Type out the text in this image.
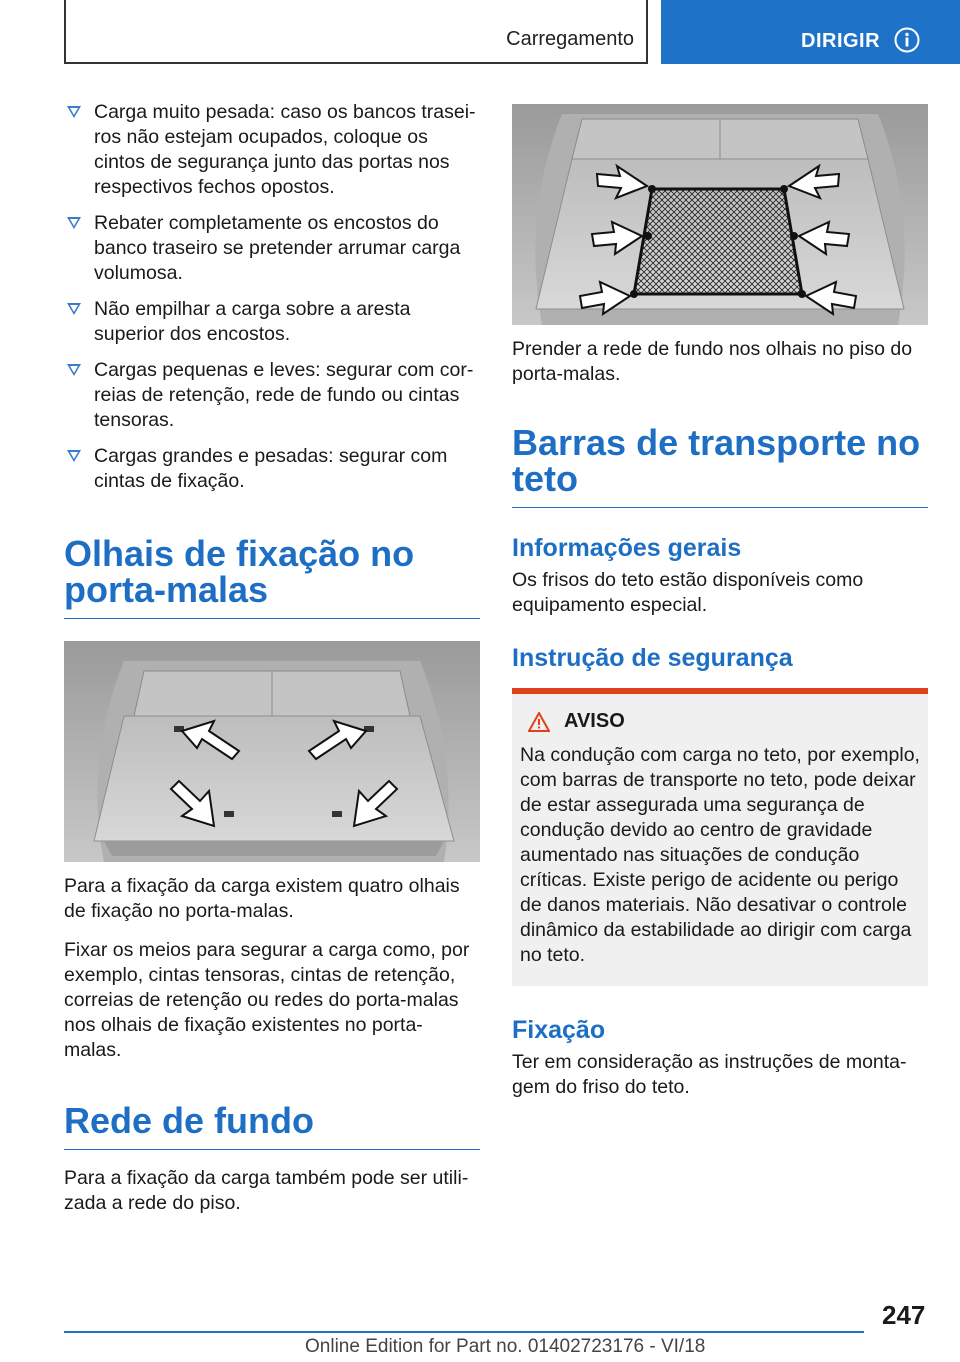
Carregamento	DIRIGIR
Carga muito pesada: caso os bancos traseiros não estejam ocupados, coloque os cintos de segurança junto das portas nos respectivos fechos opostos.
Rebater completamente os encostos do banco traseiro se pretender arrumar carga volumosa.
Não empilhar a carga sobre a aresta superior dos encostos.
Cargas pequenas e leves: segurar com correias de retenção, rede de fundo ou cintas tensoras.
Cargas grandes e pesadas: segurar com cintas de fixação.
Olhais de fixação no porta-malas

Para a fixação da carga existem quatro olhais de fixação no porta-malas.

Fixar os meios para segurar a carga como, por exemplo, cintas tensoras, cintas de retenção, correias de retenção ou redes do porta-malas nos olhais de fixação existentes no porta-malas.

Rede de fundo

Para a fixação da carga também pode ser utilizada a rede do piso.

Prender a rede de fundo nos olhais no piso do porta-malas.

Barras de transporte no teto
Informações gerais

Os frisos do teto estão disponíveis como equipamento especial.

Instrução de segurança
AVISO

Na condução com carga no teto, por exemplo, com barras de transporte no teto, pode deixar de estar assegurada uma segurança de condução devido ao centro de gravidade aumentado nas situações de condução críticas. Existe perigo de acidente ou perigo de danos materiais. Não desativar o controle dinâmico da estabilidade ao dirigir com carga no teto.

Fixação

Ter em consideração as instruções de montagem do friso do teto.

247
Online Edition for Part no. 01402723176 - VI/18
